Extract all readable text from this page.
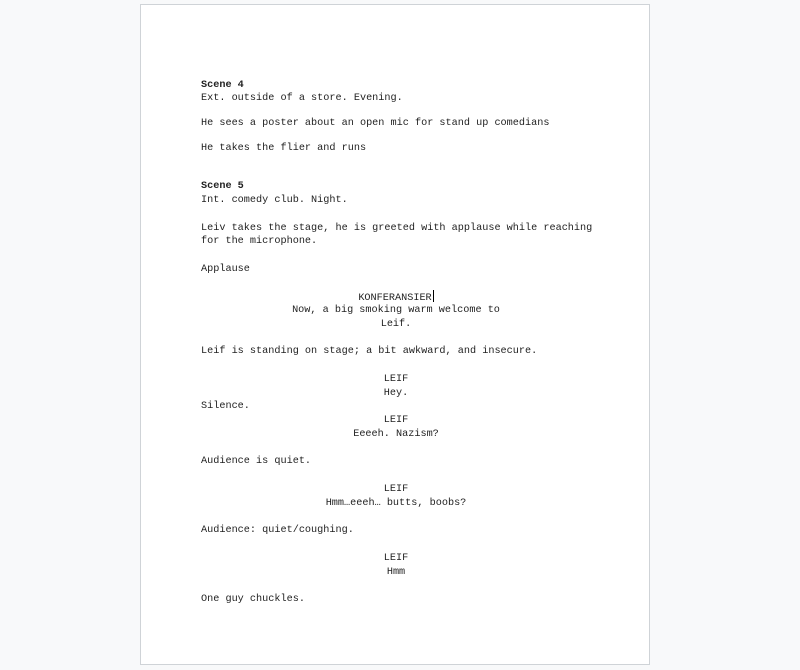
Scene 4
Ext. outside of a store. Evening.
He sees a poster about an open mic for stand up comedians
He takes the flier and runs
Scene 5
Int. comedy club. Night.
Leiv takes the stage, he is greeted with applause while reaching
for the microphone.
Applause
KONFERANSIER
Now, a big smoking warm welcome to
Leif.
Leif is standing on stage; a bit awkward, and insecure.
LEIF
Hey.
Silence.
LEIF
Eeeeh. Nazism?
Audience is quiet.
LEIF
Hmm…eeeh… butts, boobs?
Audience: quiet/coughing.
LEIF
Hmm
One guy chuckles.
